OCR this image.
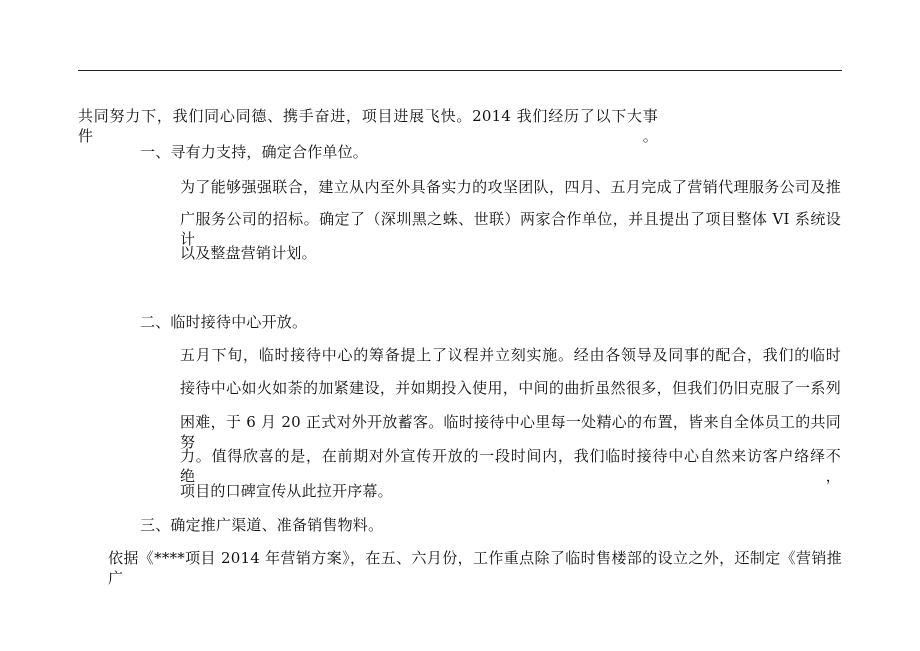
共同努力下，我们同心同德、携手奋进，项目进展飞快。2014 我们经历了以下大事件。
一、寻有力支持，确定合作单位。
为了能够强强联合，建立从内至外具备实力的攻坚团队，四月、五月完成了营销代理服务公司及推
广服务公司的招标。确定了（深圳黑之蛛、世联）两家合作单位，并且提出了项目整体 VI 系统设计
以及整盘营销计划。
二、临时接待中心开放。
五月下旬，临时接待中心的筹备提上了议程并立刻实施。经由各领导及同事的配合，我们的临时
接待中心如火如荼的加紧建设，并如期投入使用，中间的曲折虽然很多，但我们仍旧克服了一系列
困难，于 6 月 20 正式对外开放蓄客。临时接待中心里每一处精心的布置，皆来自全体员工的共同努
力。值得欣喜的是，在前期对外宣传开放的一段时间内，我们临时接待中心自然来访客户络绎不绝，
项目的口碑宣传从此拉开序幕。
三、确定推广渠道、准备销售物料。
依据《****项目 2014 年营销方案》，在五、六月份，工作重点除了临时售楼部的设立之外，还制定《营销推广
